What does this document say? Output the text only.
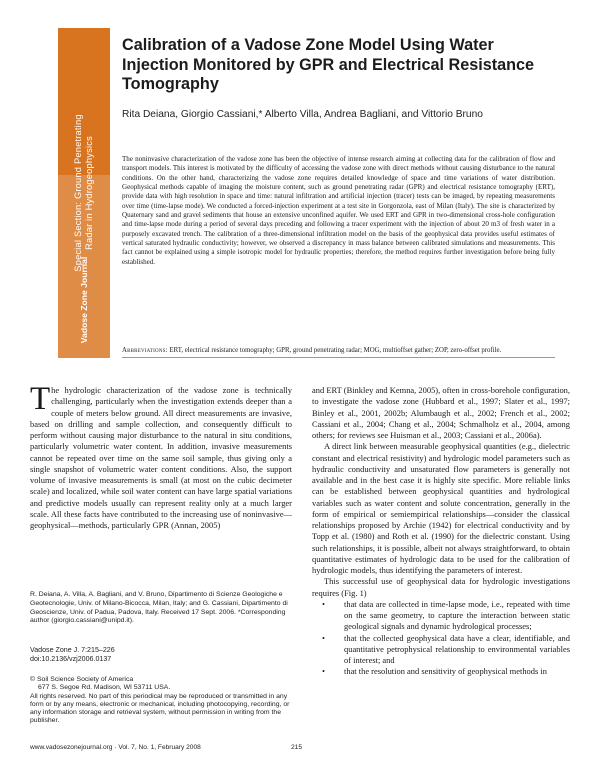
Special Section: Ground Penetrating Radar in Hydrogeophysics
Vadose Zone Journal
Calibration of a Vadose Zone Model Using Water Injection Monitored by GPR and Electrical Resistance Tomography
Rita Deiana, Giorgio Cassiani,* Alberto Villa, Andrea Bagliani, and Vittorio Bruno

The noninvasive characterization of the vadose zone has been the objective of intense research aiming at collecting data for the calibration of flow and transport models. This interest is motivated by the difficulty of accessing the vadose zone with direct methods without causing disturbance to the natural conditions. On the other hand, characterizing the vadose zone requires detailed knowledge of space and time variations of water distribution. Geophysical methods capable of imaging the moisture content, such as ground penetrating radar (GPR) and electrical resistance tomography (ERT), provide data with high resolution in space and time: natural infiltration and artificial injection (tracer) tests can be imaged, by repeating measurements over time (time-lapse mode). We conducted a forced-injection experiment at a test site in Gorgonzola, east of Milan (Italy). The site is characterized by Quaternary sand and gravel sediments that house an extensive unconfined aquifer. We used ERT and GPR in two-dimensional cross-hole configuration and time-lapse mode during a period of several days preceding and following a tracer experiment with the injection of about 20 m3 of fresh water in a purposely excavated trench. The calibration of a three-dimensional infiltration model on the basis of the geophysical data provides useful estimates of vertical saturated hydraulic conductivity; however, we observed a discrepancy in mass balance between calibrated simulations and measurements. This fact cannot be explained using a simple isotropic model for hydraulic properties; therefore, the method requires further investigation before being fully established.

Abbreviations: ERT, electrical resistance tomography; GPR, ground penetrating radar; MOG, multioffset gather; ZOP, zero-offset profile.

The hydrologic characterization of the vadose zone is technically challenging, particularly when the investigation extends deeper than a couple of meters below ground. All direct measurements are invasive, based on drilling and sample collection, and consequently difficult to perform without causing major disturbance to the natural in situ conditions, particularly volumetric water content. In addition, invasive measurements cannot be repeated over time on the same soil sample, thus giving only a single snapshot of volumetric water content conditions. Also, the support volume of invasive measurements is small (at most on the cubic decimeter scale) and localized, while soil water content can have large spatial variations and predictive models usually can represent reality only at a much larger scale. All these facts have contributed to the increasing use of noninvasive—geophysical—methods, particularly GPR (Annan, 2005)

and ERT (Binkley and Kemna, 2005), often in cross-borehole configuration, to investigate the vadose zone (Hubbard et al., 1997; Slater et al., 1997; Binley et al., 2001, 2002b; Alumbaugh et al., 2002; French et al., 2002; Cassiani et al., 2004; Chang et al., 2004; Schmalholz et al., 2004, among others; for reviews see Huisman et al., 2003; Cassiani et al., 2006a).

A direct link between measurable geophysical quantities (e.g., dielectric constant and electrical resistivity) and hydrologic model parameters such as hydraulic conductivity and unsaturated flow parameters is generally not available and in the best case it is highly site specific. More reliable links can be established between geophysical quantities and hydrological variables such as water content and solute concentration, generally in the form of empirical or semiempirical relationships—consider the classical relationships proposed by Archie (1942) for electrical conductivity and by Topp et al. (1980) and Roth et al. (1990) for the dielectric constant. Using such relationships, it is possible, albeit not always straightforward, to obtain quantitative estimates of hydrologic data to be used for the calibration of hydrologic models, thus identifying the parameters of interest.

This successful use of geophysical data for hydrologic investigations requires (Fig. 1)

• that data are collected in time-lapse mode, i.e., repeated with time on the same geometry, to capture the interaction between static geological signals and dynamic hydrological processes;
• that the collected geophysical data have a clear, identifiable, and quantitative petrophysical relationship to environmental variables of interest; and
• that the resolution and sensitivity of geophysical methods in

R. Deiana, A. Villa, A. Bagliani, and V. Bruno, Dipartimento di Scienze Geologiche e Geotecnologie, Univ. of Milano-Bicocca, Milan, Italy; and G. Cassiani, Dipartimento di Geoscienze, Univ. of Padua, Padova, Italy. Received 17 Sept. 2006. *Corresponding author (giorgio.cassiani@unipd.it).

Vadose Zone J. 7:215–226
doi:10.2136/vzj2006.0137
© Soil Science Society of America
677 S. Segoe Rd. Madison, WI 53711 USA.
All rights reserved. No part of this periodical may be reproduced or transmitted in any form or by any means, electronic or mechanical, including photocopying, recording, or any information storage and retrieval system, without permission in writing from the publisher.
www.vadosezonejournal.org · Vol. 7, No. 1, February 2008	215
